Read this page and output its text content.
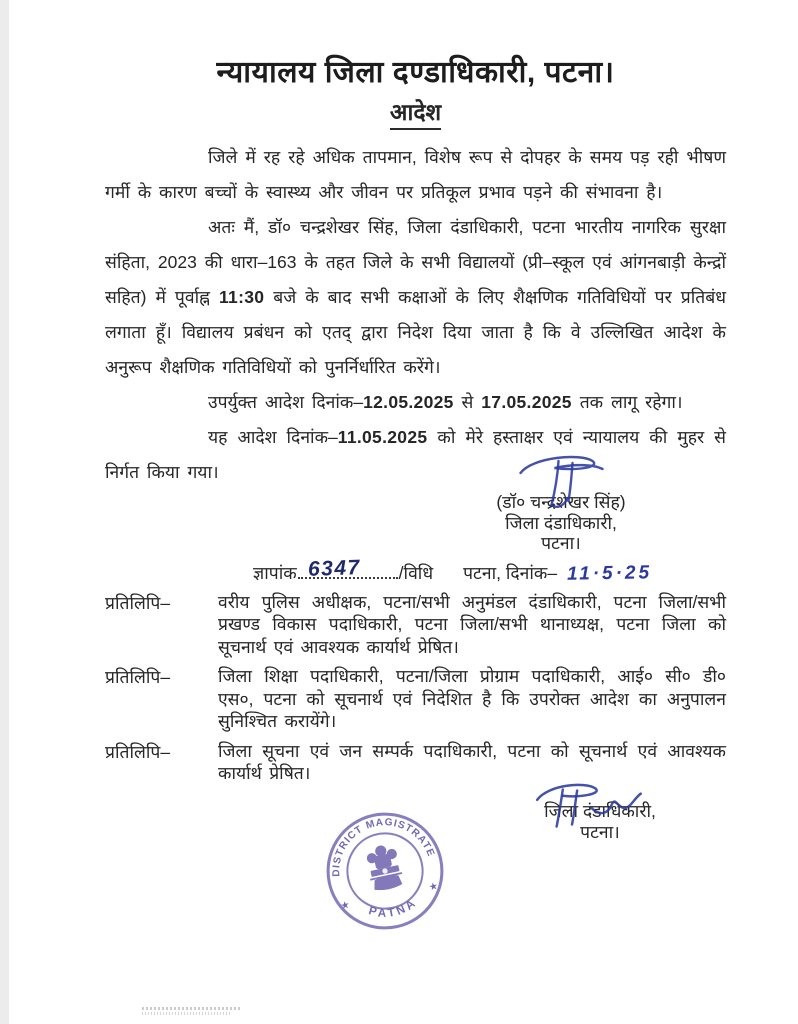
न्यायालय जिला दण्डाधिकारी, पटना।
आदेश

जिले में रह रहे अधिक तापमान, विशेष रूप से दोपहर के समय पड़ रही भीषण गर्मी के कारण बच्चों के स्वास्थ्य और जीवन पर प्रतिकूल प्रभाव पड़ने की संभावना है।

अतः मैं, डॉ० चन्द्रशेखर सिंह, जिला दंडाधिकारी, पटना भारतीय नागरिक सुरक्षा संहिता, 2023 की धारा–163 के तहत जिले के सभी विद्यालयों (प्री–स्कूल एवं आंगनबाड़ी केन्द्रों सहित) में पूर्वाह्न 11:30 बजे के बाद सभी कक्षाओं के लिए शैक्षणिक गतिविधियों पर प्रतिबंध लगाता हूँ। विद्यालय प्रबंधन को एतद् द्वारा निदेश दिया जाता है कि वे उल्लिखित आदेश के अनुरूप शैक्षणिक गतिविधियों को पुनर्निर्धारित करेंगे।

उपर्युक्त आदेश दिनांक–12.05.2025 से 17.05.2025 तक लागू रहेगा।

यह आदेश दिनांक–11.05.2025 को मेरे हस्ताक्षर एवं न्यायालय की मुहर से निर्गत किया गया।

(डॉ० चन्द्रशेखर सिंह)
जिला दंडाधिकारी,
पटना।
ज्ञापांक 6347 /विधि पटना, दिनांक– 11·5·25
प्रतिलिपि–	वरीय पुलिस अधीक्षक, पटना/सभी अनुमंडल दंडाधिकारी, पटना जिला/सभी प्रखण्ड विकास पदाधिकारी, पटना जिला/सभी थानाध्यक्ष, पटना जिला को सूचनार्थ एवं आवश्यक कार्यार्थ प्रेषित।
प्रतिलिपि–	जिला शिक्षा पदाधिकारी, पटना/जिला प्रोग्राम पदाधिकारी, आई० सी० डी० एस०, पटना को सूचनार्थ एवं निदेशित है कि उपरोक्त आदेश का अनुपालन सुनिश्चित करायेंगे।
प्रतिलिपि–	जिला सूचना एवं जन सम्पर्क पदाधिकारी, पटना को सूचनार्थ एवं आवश्यक कार्यार्थ प्रेषित।
जिला दंडाधिकारी,
पटना।
DISTRICT MAGISTRATE
PATNA
★
★
